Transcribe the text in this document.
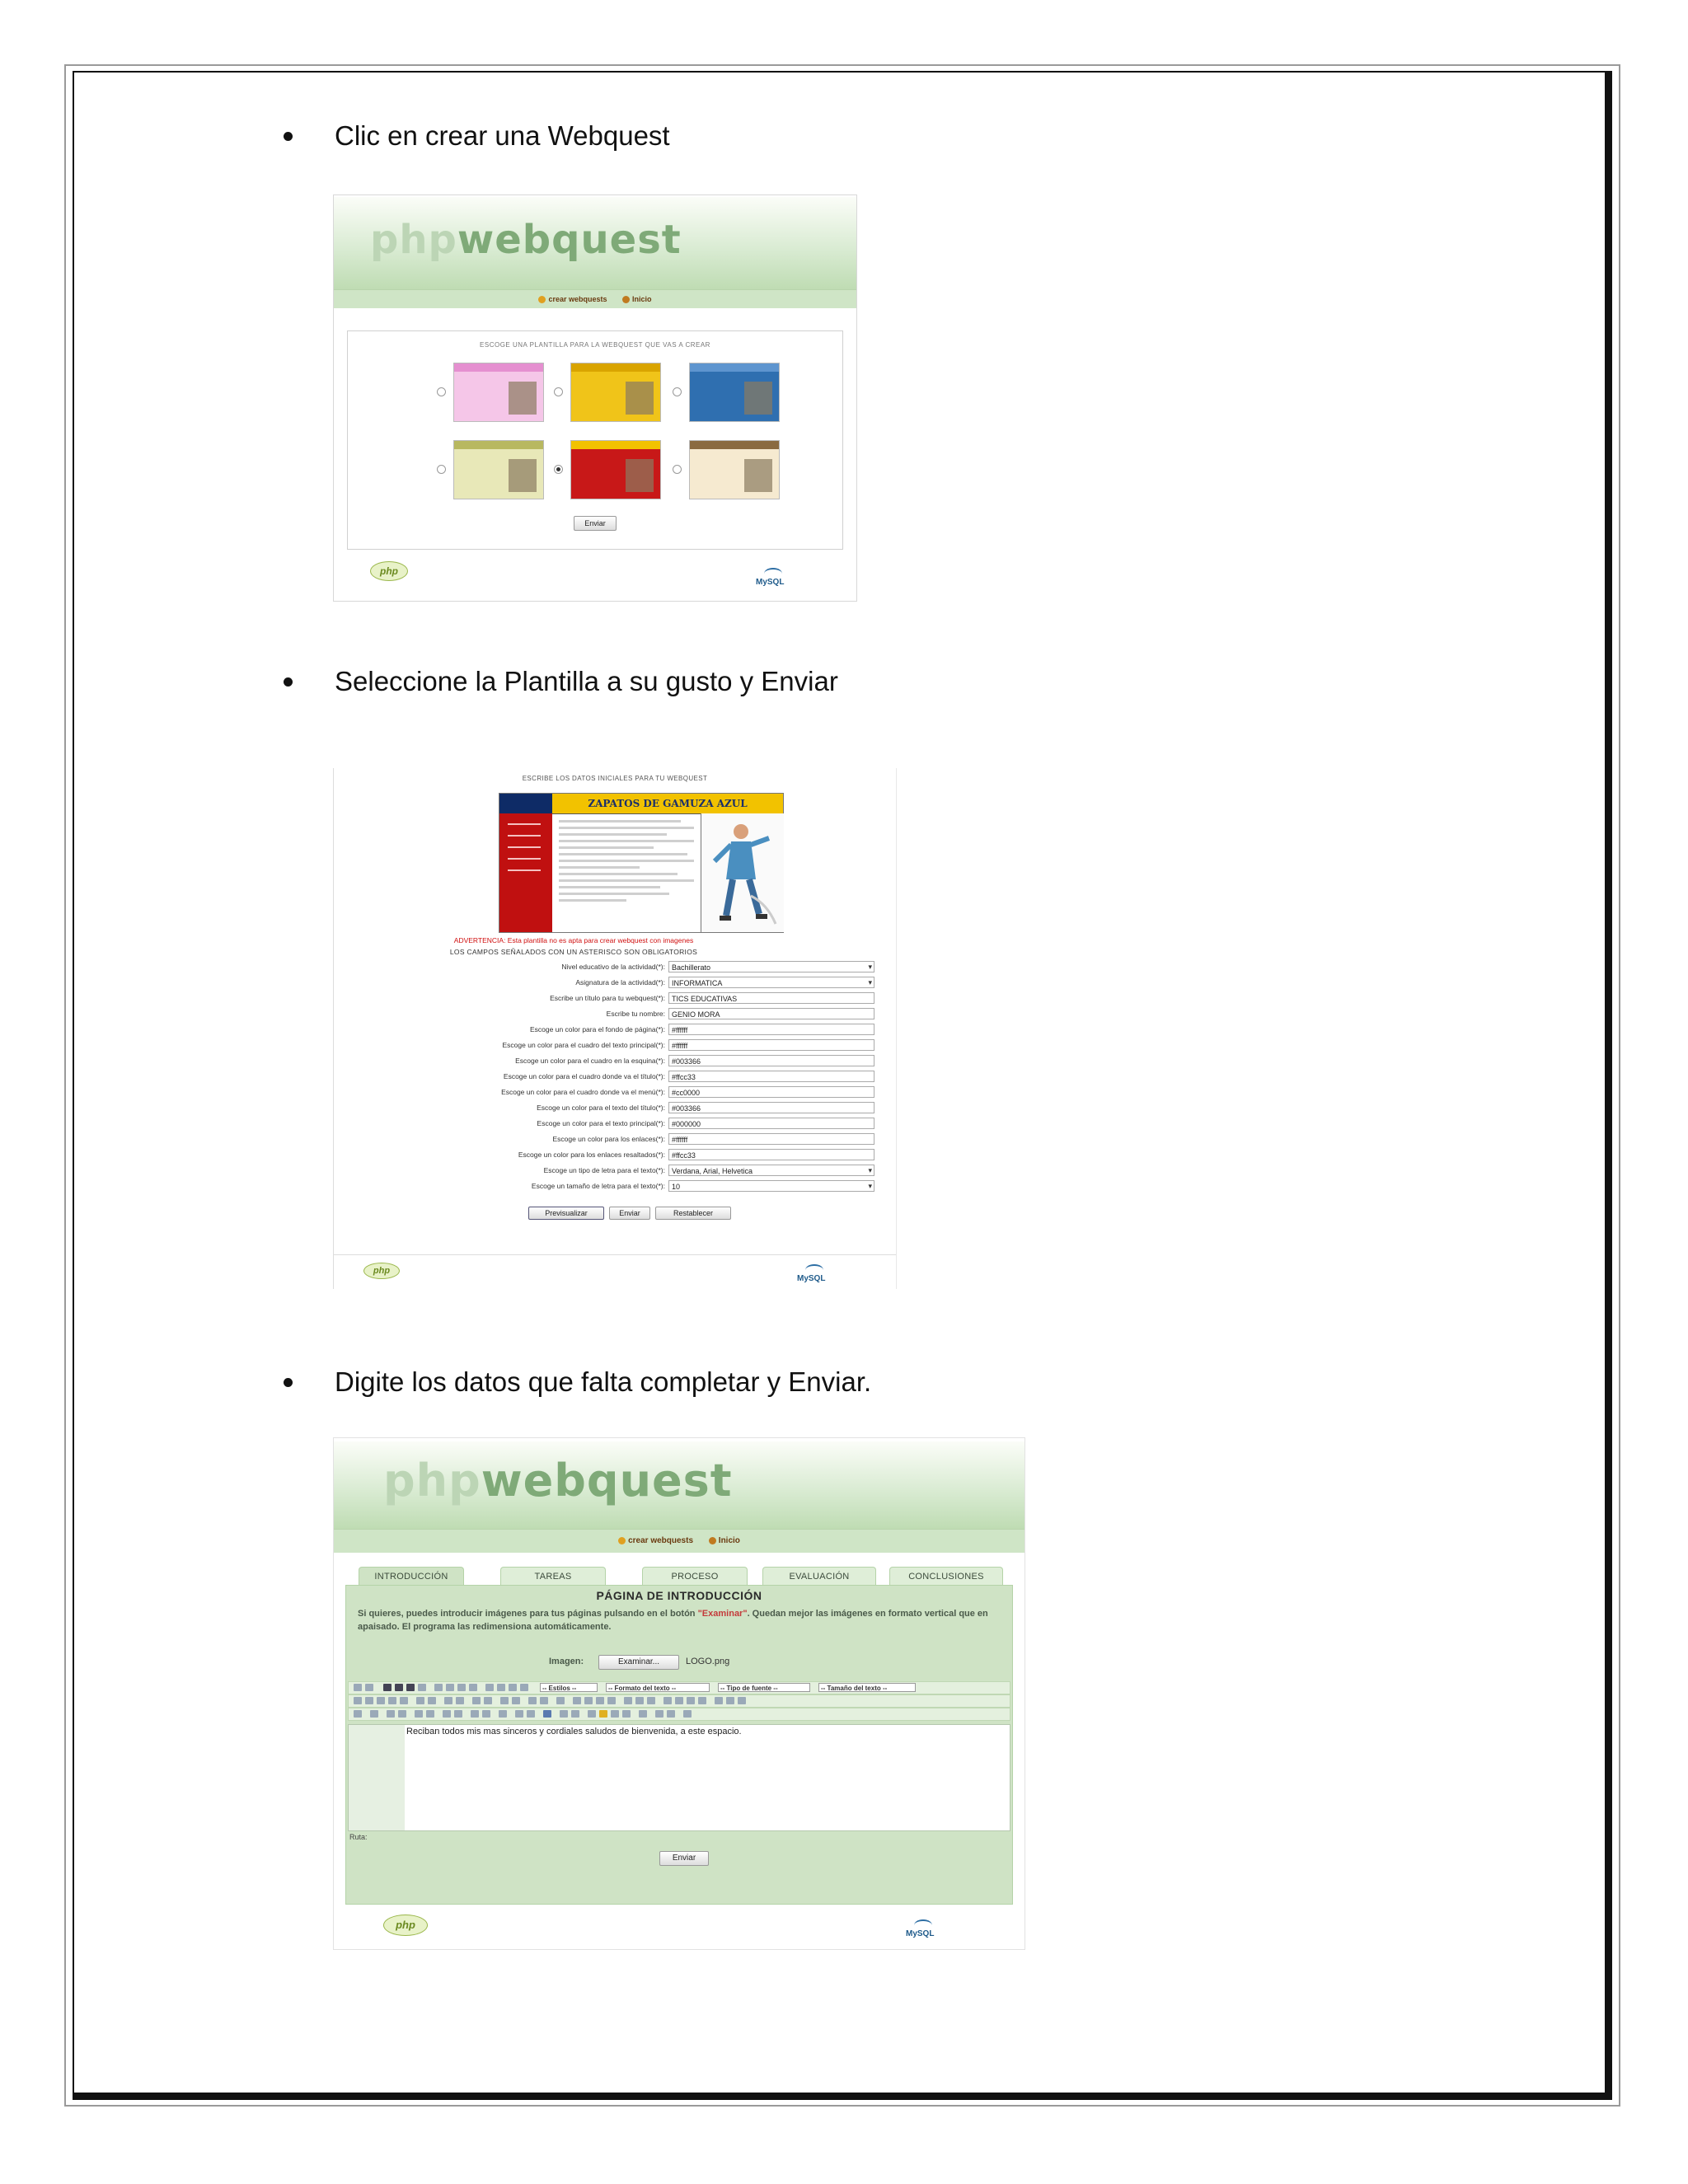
Clic en crear una Webquest
phpwebquest
crear webquests	Inicio
ESCOGE UNA PLANTILLA PARA LA WEBQUEST QUE VAS A CREAR
Enviar
php
MySQL
Seleccione la Plantilla a su gusto y Enviar
ESCRIBE LOS DATOS INICIALES PARA TU WEBQUEST
ZAPATOS DE GAMUZA AZUL
ADVERTENCIA: Esta plantilla no es apta para crear webquest con imagenes
LOS CAMPOS SEÑALADOS CON UN ASTERISCO SON OBLIGATORIOS
Nivel educativo de la actividad(*): Bachillerato ▾
Asignatura de la actividad(*): INFORMATICA ▾
Escribe un título para tu webquest(*): TICS EDUCATIVAS
Escribe tu nombre: GENIO MORA
Escoge un color para el fondo de página(*): #ffffff
Escoge un color para el cuadro del texto principal(*): #ffffff
Escoge un color para el cuadro en la esquina(*): #003366
Escoge un color para el cuadro donde va el título(*): #ffcc33
Escoge un color para el cuadro donde va el menú(*): #cc0000
Escoge un color para el texto del título(*): #003366
Escoge un color para el texto principal(*): #000000
Escoge un color para los enlaces(*): #ffffff
Escoge un color para los enlaces resaltados(*): #ffcc33
Escoge un tipo de letra para el texto(*): Verdana, Arial, Helvetica ▾
Escoge un tamaño de letra para el texto(*): 10 ▾
Previsualizar	Enviar	Restablecer
php
MySQL
Digite los datos que falta completar y Enviar.
phpwebquest
crear webquests	Inicio
INTRODUCCIÓN	TAREAS	PROCESO	EVALUACIÓN	CONCLUSIONES
PÁGINA DE INTRODUCCIÓN
Si quieres, puedes introducir imágenes para tus páginas pulsando en el botón "Examinar". Quedan mejor las imágenes en formato vertical que en apaisado. El programa las redimensiona automáticamente.
Imagen:	Examinar...	LOGO.png
-- Estilos --	-- Formato del texto --	-- Tipo de fuente --	-- Tamaño del texto --
Reciban todos mis mas sinceros y cordiales saludos de bienvenida, a este espacio.
Ruta:
Enviar
php
MySQL
